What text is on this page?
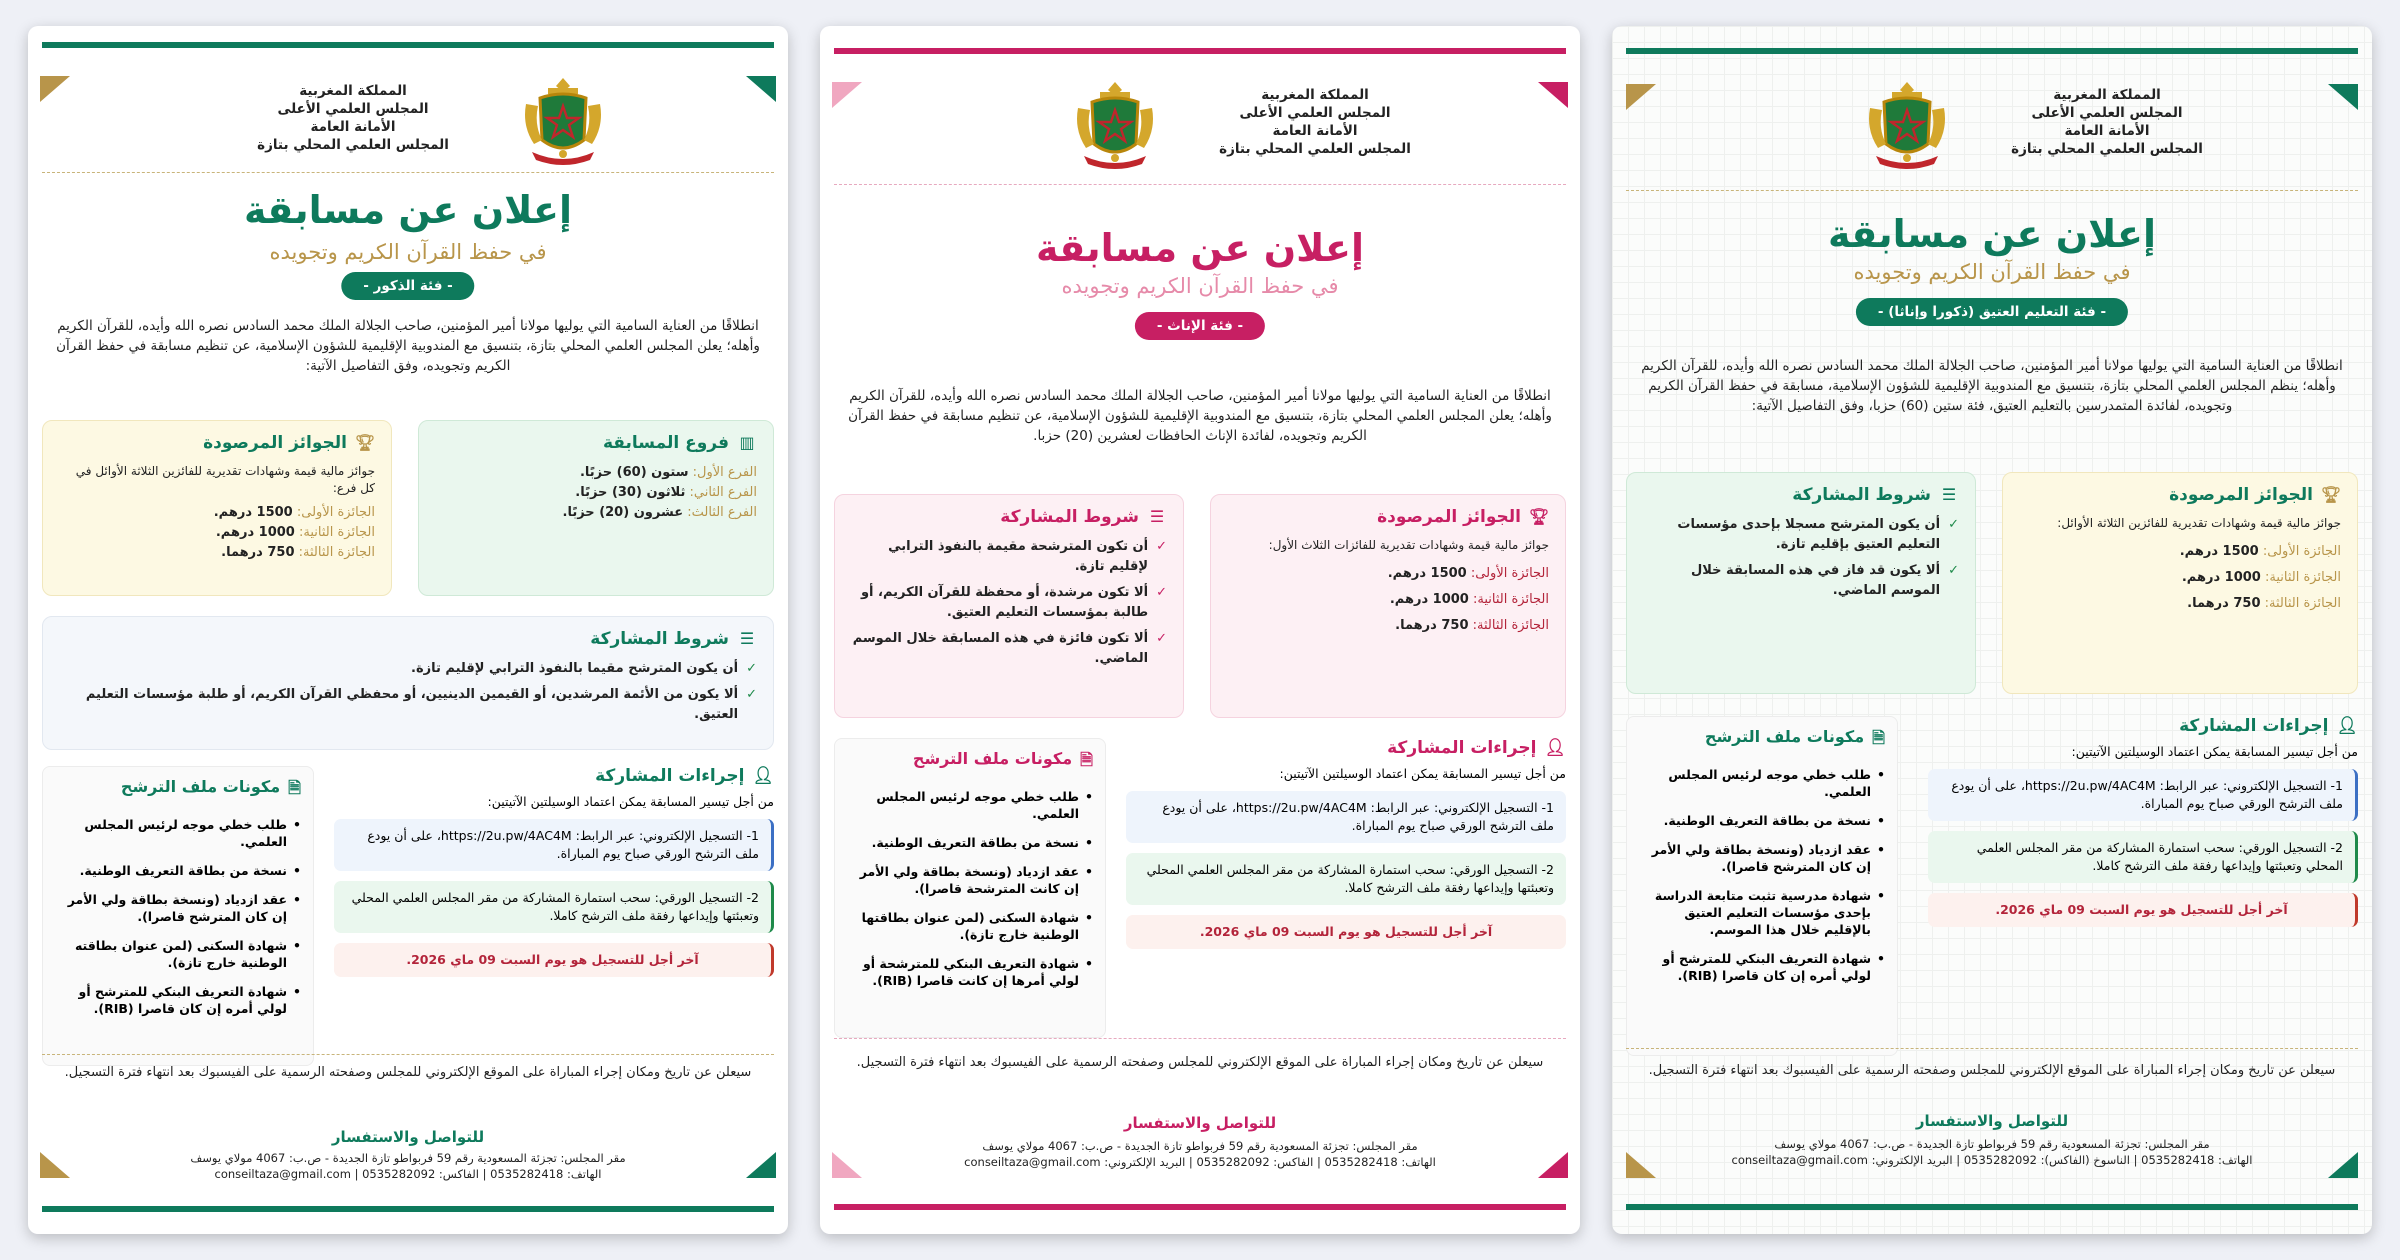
المملكة المغربية
المجلس العلمي الأعلى
الأمانة العامة
المجلس العلمي المحلي بتازة
إعلان عن مسابقة
في حفظ القرآن الكريم وتجويده
- فئة الذكور -
انطلاقًا من العناية السامية التي يوليها مولانا أمير المؤمنين، صاحب الجلالة الملك محمد السادس نصره الله وأيده، للقرآن الكريم وأهله؛ يعلن المجلس العلمي المحلي بتازة، بتنسيق مع المندوبية الإقليمية للشؤون الإسلامية، عن تنظيم مسابقة في حفظ القرآن الكريم وتجويده، وفق التفاصيل الآتية:
▥
فروع المسابقة
الفرع الأول: ستون (60) حزبًا.
الفرع الثاني: ثلاثون (30) حزبًا.
الفرع الثالث: عشرون (20) حزبًا.
🏆︎
الجوائز المرصودة
جوائز مالية قيمة وشهادات تقديرية للفائزين الثلاثة الأوائل في كل فرع:
الجائزة الأولى: 1500 درهم.
الجائزة الثانية: 1000 درهم.
الجائزة الثالثة: 750 درهما.
☰
شروط المشاركة
✓
أن يكون المترشح مقيما بالنفوذ الترابي لإقليم تازة.
✓
ألا يكون من الأئمة المرشدين، أو القيمين الدينيين، أو محفظي القرآن الكريم، أو طلبة مؤسسات التعليم العتيق.
👤︎
إجراءات المشاركة
من أجل تيسير المسابقة يمكن اعتماد الوسيلتين الآتيتين:
1- التسجيل الإلكتروني: عبر الرابط: https://2u.pw/4AC4M، على أن يودع ملف الترشح الورقي صباح يوم المباراة.
2- التسجيل الورقي: سحب استمارة المشاركة من مقر المجلس العلمي المحلي وتعبئتها وإيداعها رفقة ملف الترشح كاملا.
آخر أجل للتسجيل هو يوم السبت 09 ماي 2026.
🗎
مكونات ملف الترشح
• طلب خطي موجه لرئيس المجلس العلمي.
• نسخة من بطاقة التعريف الوطنية.
• عقد ازدياد (ونسخة بطاقة ولي الأمر إن كان المترشح قاصرا).
• شهادة السكنى (لمن عنوان بطاقته الوطنية خارج تازة).
• شهادة التعريف البنكي للمترشح أو لولي أمره إن كان قاصرا (RIB).
سيعلن عن تاريخ ومكان إجراء المباراة على الموقع الإلكتروني للمجلس وصفحته الرسمية على الفيسبوك بعد انتهاء فترة التسجيل.
للتواصل والاستفسار
مقر المجلس: تجزئة المسعودية رقم 59 فربواطو تازة الجديدة - ص.ب: 4067 مولاي يوسف
الهاتف: 0535282418 | الفاكس: 0535282092 | conseiltaza@gmail.com
المملكة المغربية
المجلس العلمي الأعلى
الأمانة العامة
المجلس العلمي المحلي بتازة
إعلان عن مسابقة
في حفظ القرآن الكريم وتجويده
- فئة الإناث -
انطلاقًا من العناية السامية التي يوليها مولانا أمير المؤمنين، صاحب الجلالة الملك محمد السادس نصره الله وأيده، للقرآن الكريم وأهله؛ يعلن المجلس العلمي المحلي بتازة، بتنسيق مع المندوبية الإقليمية للشؤون الإسلامية، عن تنظيم مسابقة في حفظ القرآن الكريم وتجويده، لفائدة الإناث الحافظات لعشرين (20) حزبا.
🏆︎
الجوائز المرصودة
جوائز مالية قيمة وشهادات تقديرية للفائزات الثلاث الأول:
الجائزة الأولى: 1500 درهم.
الجائزة الثانية: 1000 درهم.
الجائزة الثالثة: 750 درهما.
☰
شروط المشاركة
✓
أن تكون المترشحة مقيمة بالنفوذ الترابي لإقليم تازة.
✓
ألا تكون مرشدة، أو محفظة للقرآن الكريم، أو طالبة بمؤسسات التعليم العتيق.
✓
ألا تكون فائزة في هذه المسابقة خلال الموسم الماضي.
👤︎
إجراءات المشاركة
من أجل تيسير المسابقة يمكن اعتماد الوسيلتين الآتيتين:
1- التسجيل الإلكتروني: عبر الرابط: https://2u.pw/4AC4M، على أن يودع ملف الترشح الورقي صباح يوم المباراة.
2- التسجيل الورقي: سحب استمارة المشاركة من مقر المجلس العلمي المحلي وتعبئتها وإيداعها رفقة ملف الترشح كاملا.
آخر أجل للتسجيل هو يوم السبت 09 ماي 2026.
🗎
مكونات ملف الترشح
• طلب خطي موجه لرئيس المجلس العلمي.
• نسخة من بطاقة التعريف الوطنية.
• عقد ازدياد (ونسخة بطاقة ولي الأمر إن كانت المترشحة قاصرا).
• شهادة السكنى (لمن عنوان بطاقتها الوطنية خارج تازة).
• شهادة التعريف البنكي للمترشحة أو لولي أمرها إن كانت قاصرا (RIB).
سيعلن عن تاريخ ومكان إجراء المباراة على الموقع الإلكتروني للمجلس وصفحته الرسمية على الفيسبوك بعد انتهاء فترة التسجيل.
للتواصل والاستفسار
مقر المجلس: تجزئة المسعودية رقم 59 فربواطو تازة الجديدة - ص.ب: 4067 مولاي يوسف
الهاتف: 0535282418 | الفاكس: 0535282092 | البريد الإلكتروني: conseiltaza@gmail.com
المملكة المغربية
المجلس العلمي الأعلى
الأمانة العامة
المجلس العلمي المحلي بتازة
إعلان عن مسابقة
في حفظ القرآن الكريم وتجويده
- فئة التعليم العتيق (ذكورا وإناثا) -
انطلاقًا من العناية السامية التي يوليها مولانا أمير المؤمنين، صاحب الجلالة الملك محمد السادس نصره الله وأيده، للقرآن الكريم وأهله؛ ينظم المجلس العلمي المحلي بتازة، بتنسيق مع المندوبية الإقليمية للشؤون الإسلامية، مسابقة في حفظ القرآن الكريم وتجويده، لفائدة المتمدرسين بالتعليم العتيق، فئة ستين (60) حزبا، وفق التفاصيل الآتية:
🏆︎
الجوائز المرصودة
جوائز مالية قيمة وشهادات تقديرية للفائزين الثلاثة الأوائل:
الجائزة الأولى: 1500 درهم.
الجائزة الثانية: 1000 درهم.
الجائزة الثالثة: 750 درهما.
☰
شروط المشاركة
✓
أن يكون المترشح مسجلا بإحدى مؤسسات التعليم العتيق بإقليم تازة.
✓
ألا يكون قد فاز في هذه المسابقة خلال الموسم الماضي.
👤︎
إجراءات المشاركة
من أجل تيسير المسابقة يمكن اعتماد الوسيلتين الآتيتين:
1- التسجيل الإلكتروني: عبر الرابط: https://2u.pw/4AC4M، على أن يودع ملف الترشح الورقي صباح يوم المباراة.
2- التسجيل الورقي: سحب استمارة المشاركة من مقر المجلس العلمي المحلي وتعبئتها وإيداعها رفقة ملف الترشح كاملا.
آخر أجل للتسجيل هو يوم السبت 09 ماي 2026.
🗎
مكونات ملف الترشح
• طلب خطي موجه لرئيس المجلس العلمي.
• نسخة من بطاقة التعريف الوطنية.
• عقد ازدياد (ونسخة بطاقة ولي الأمر إن كان المترشح قاصرا).
• شهادة مدرسية تثبت متابعة الدراسة بإحدى مؤسسات التعليم العتيق بالإقليم خلال هذا الموسم.
• شهادة التعريف البنكي للمترشح أو لولي أمره إن كان قاصرا (RIB).
سيعلن عن تاريخ ومكان إجراء المباراة على الموقع الإلكتروني للمجلس وصفحته الرسمية على الفيسبوك بعد انتهاء فترة التسجيل.
للتواصل والاستفسار
مقر المجلس: تجزئة المسعودية رقم 59 فربواطو تازة الجديدة - ص.ب: 4067 مولاي يوسف
الهاتف: 0535282418 | الناسوخ (الفاكس): 0535282092 | البريد الإلكتروني: conseiltaza@gmail.com
